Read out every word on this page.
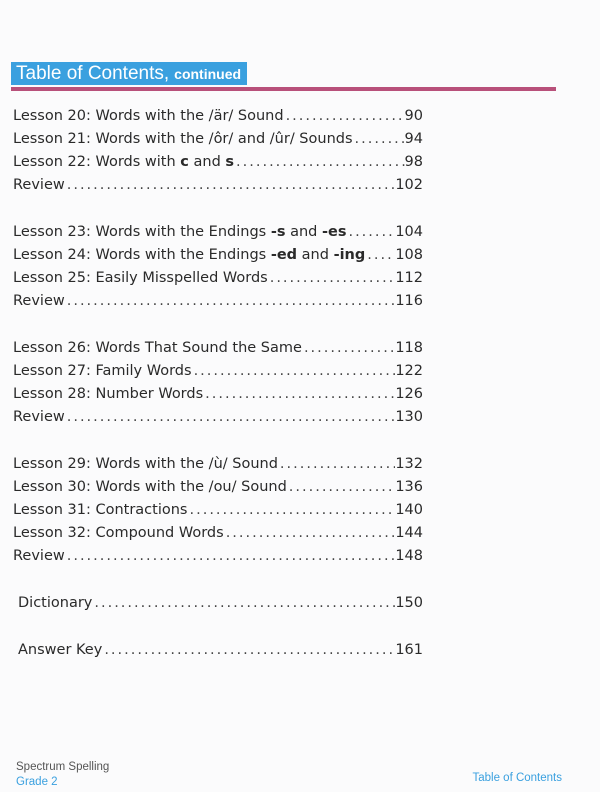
Table of Contents, continued
Lesson 20: Words with the /är/ Sound .....	90
Lesson 21: Words with the /ôr/ and /ûr/ Sounds .....	94
Lesson 22: Words with c and s .....	98
Review .....	102
Lesson 23: Words with the Endings -s and -es .....	104
Lesson 24: Words with the Endings -ed and -ing ..... 108
Lesson 25: Easily Misspelled Words .....	112
Review .....	116
Lesson 26: Words That Sound the Same .....	118
Lesson 27: Family Words .....	122
Lesson 28: Number Words .....	126
Review .....	130
Lesson 29: Words with the /ù/ Sound .....	132
Lesson 30: Words with the /ou/ Sound .....	136
Lesson 31: Contractions .....	140
Lesson 32: Compound Words .....	144
Review .....	148
Dictionary .....	150
Answer Key .....	161
Spectrum Spelling
Grade 2	Table of Contents
